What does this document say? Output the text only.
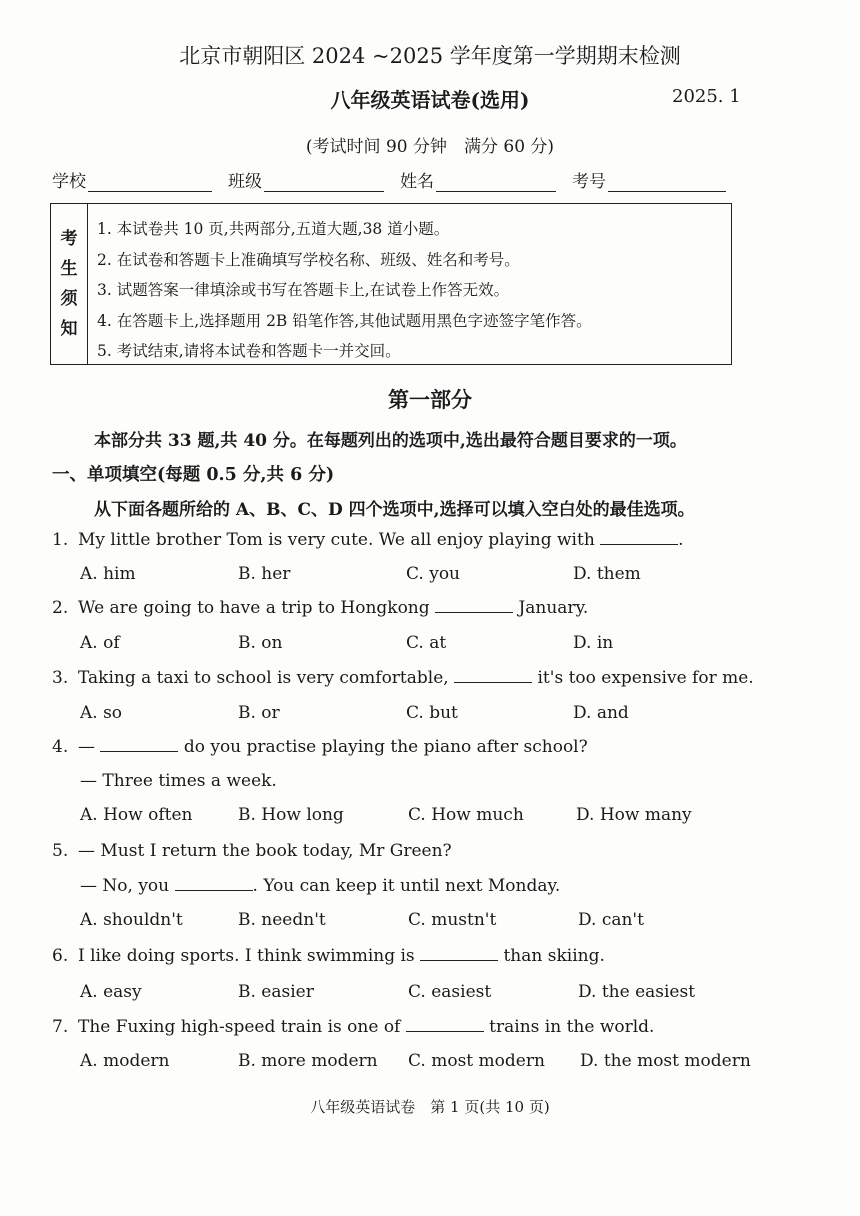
北京市朝阳区 2024 ~2025 学年度第一学期期末检测
八年级英语试卷(选用)	2025. 1
(考试时间 90 分钟　满分 60 分)
学校	班级	姓名	考号
考
生
须
知
1. 本试卷共 10 页,共两部分,五道大题,38 道小题。
2. 在试卷和答题卡上准确填写学校名称、班级、姓名和考号。
3. 试题答案一律填涂或书写在答题卡上,在试卷上作答无效。
4. 在答题卡上,选择题用 2B 铅笔作答,其他试题用黑色字迹签字笔作答。
5. 考试结束,请将本试卷和答题卡一并交回。
第一部分
本部分共 33 题,共 40 分。在每题列出的选项中,选出最符合题目要求的一项。
一、单项填空(每题 0.5 分,共 6 分)
从下面各题所给的 A、B、C、D 四个选项中,选择可以填入空白处的最佳选项。
1. My little brother Tom is very cute. We all enjoy playing with	.
A. him	B. her	C. you	D. them
2. We are going to have a trip to Hongkong	January.
A. of	B. on	C. at	D. in
3. Taking a taxi to school is very comfortable,	it's too expensive for me.
A. so	B. or	C. but	D. and
4. —	do you practise playing the piano after school?
— Three times a week.
A. How often	B. How long	C. How much	D. How many
5. — Must I return the book today, Mr Green?
— No, you	. You can keep it until next Monday.
A. shouldn't	B. needn't	C. mustn't	D. can't
6. I like doing sports. I think swimming is	than skiing.
A. easy	B. easier	C. easiest	D. the easiest
7. The Fuxing high-speed train is one of	trains in the world.
A. modern	B. more modern C. most modern D. the most modern
八年级英语试卷　第 1 页(共 10 页)
